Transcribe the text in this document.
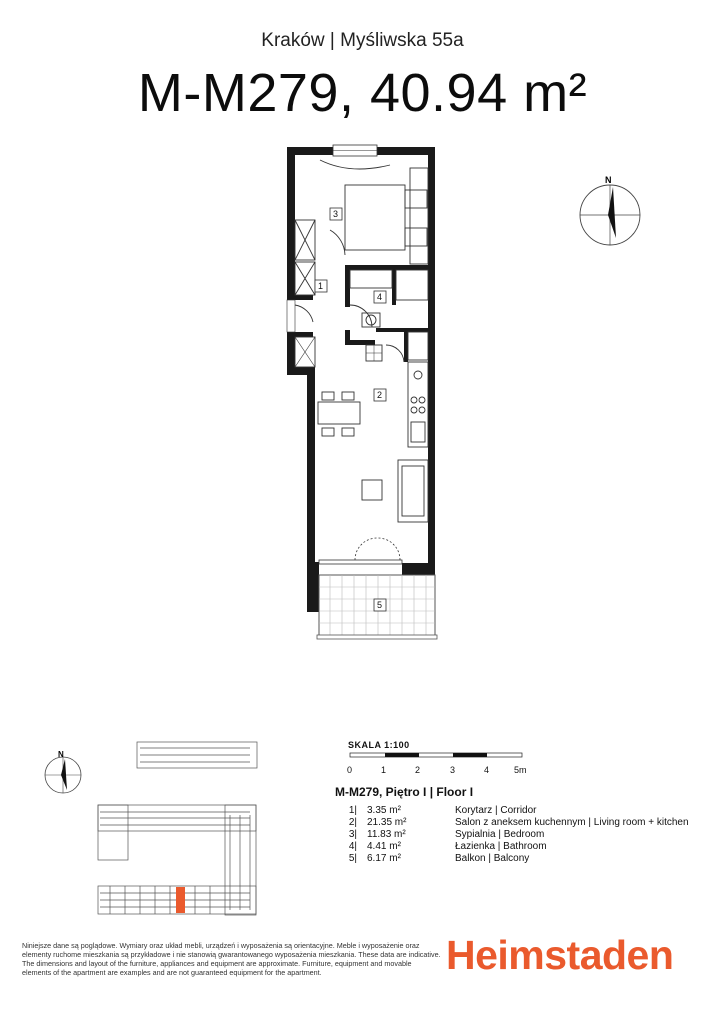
Kraków | Myśliwska 55a
M-M279, 40.94 m²
3
1
4
2
5
N
N
SKALA 1:100
0	1	2	3	4	5m
M-M279, Piętro I | Floor I
1| 3.35 m²	Korytarz | Corridor
2| 21.35 m²	Salon z aneksem kuchennym | Living room + kitchen
3| 11.83 m²	Sypialnia | Bedroom
4| 4.41 m²	Łazienka | Bathroom
5| 6.17 m²	Balkon | Balcony
Niniejsze dane są poglądowe. Wymiary oraz układ mebli, urządzeń i wyposażenia są orientacyjne. Meble i wyposażenie oraz elementy ruchome mieszkania są przykładowe i nie stanowią gwarantowanego wyposażenia mieszkania. These data are indicative. The dimensions and layout of the furniture, appliances and equipment are approximate. Furniture, equipment and movable elements of the apartment are examples and are not guaranteed equipment for the apartment.	Heimstaden
